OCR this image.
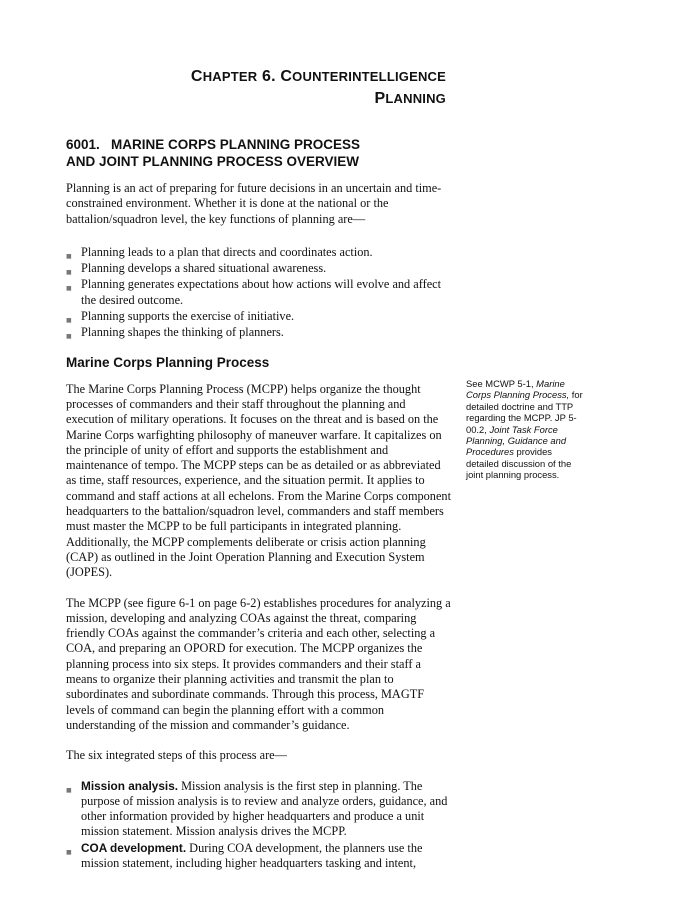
CHAPTER 6. COUNTERINTELLIGENCE
PLANNING
6001.   MARINE CORPS PLANNING PROCESS
AND JOINT PLANNING PROCESS OVERVIEW

Planning is an act of preparing for future decisions in an uncertain and time-constrained environment. Whether it is done at the national or the battalion/squadron level, the key functions of planning are—

■ Planning leads to a plan that directs and coordinates action.
■ Planning develops a shared situational awareness.
■ Planning generates expectations about how actions will evolve and affect the desired outcome.
■ Planning supports the exercise of initiative.
■ Planning shapes the thinking of planners.
Marine Corps Planning Process

The Marine Corps Planning Process (MCPP) helps organize the thought processes of commanders and their staff throughout the planning and execution of military operations. It focuses on the threat and is based on the Marine Corps warfighting philosophy of maneuver warfare. It capitalizes on the principle of unity of effort and supports the establishment and maintenance of tempo. The MCPP steps can be as detailed or as abbreviated as time, staff resources, experience, and the situation permit. It applies to command and staff actions at all echelons. From the Marine Corps component headquarters to the battalion/squadron level, commanders and staff members must master the MCPP to be full participants in integrated planning. Additionally, the MCPP complements deliberate or crisis action planning (CAP) as outlined in the Joint Operation Planning and Execution System (JOPES).

The MCPP (see figure 6-1 on page 6-2) establishes procedures for analyzing a mission, developing and analyzing COAs against the threat, comparing friendly COAs against the commander’s criteria and each other, selecting a COA, and preparing an OPORD for execution. The MCPP organizes the planning process into six steps. It provides commanders and their staff a means to organize their planning activities and transmit the plan to subordinates and subordinate commands. Through this process, MAGTF levels of command can begin the planning effort with a common understanding of the mission and commander’s guidance.

The six integrated steps of this process are—

■ Mission analysis. Mission analysis is the first step in planning. The purpose of mission analysis is to review and analyze orders, guidance, and other information provided by higher headquarters and produce a unit mission statement. Mission analysis drives the MCPP.
■ COA development. During COA development, the planners use the mission statement, including higher headquarters tasking and intent,
See MCWP 5-1, Marine Corps Planning Process, for detailed doctrine and TTP regarding the MCPP. JP 5-00.2, Joint Task Force Planning, Guidance and Procedures provides detailed discussion of the joint planning process.
